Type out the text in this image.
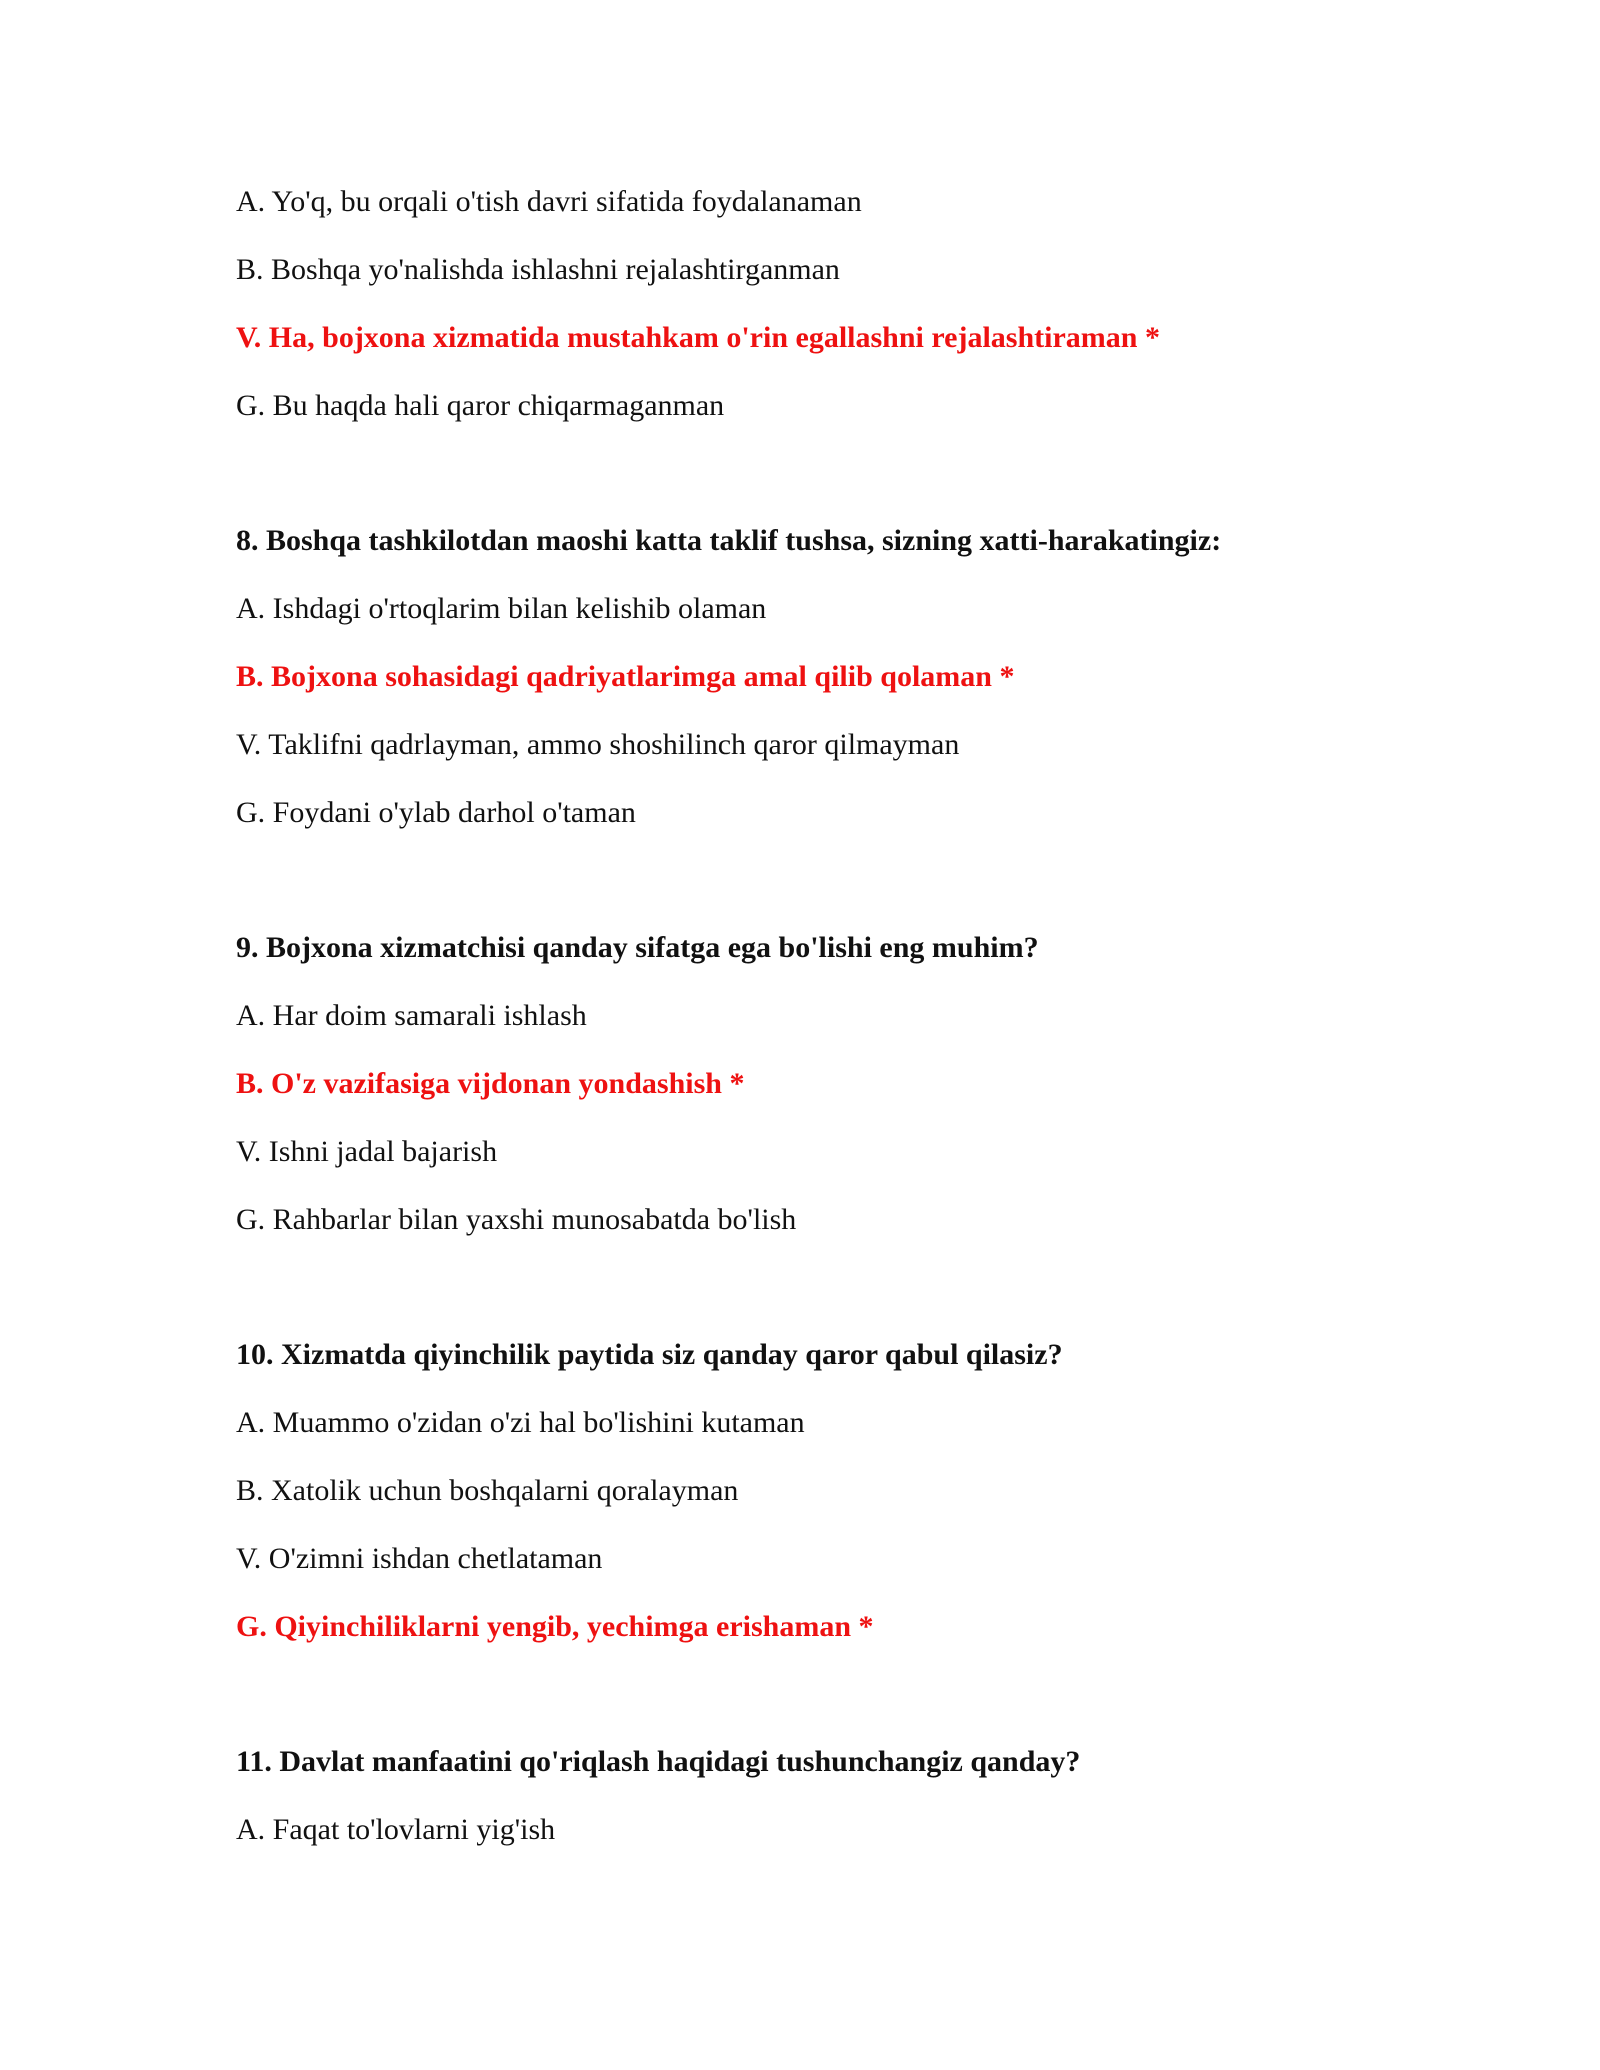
A. Yo'q, bu orqali o'tish davri sifatida foydalanaman
B. Boshqa yo'nalishda ishlashni rejalashtirganman
V. Ha, bojxona xizmatida mustahkam o'rin egallashni rejalashtiraman *
G. Bu haqda hali qaror chiqarmaganman
8. Boshqa tashkilotdan maoshi katta taklif tushsa, sizning xatti-harakatingiz:
A. Ishdagi o'rtoqlarim bilan kelishib olaman
B. Bojxona sohasidagi qadriyatlarimga amal qilib qolaman *
V. Taklifni qadrlayman, ammo shoshilinch qaror qilmayman
G. Foydani o'ylab darhol o'taman
9. Bojxona xizmatchisi qanday sifatga ega bo'lishi eng muhim?
A. Har doim samarali ishlash
B. O'z vazifasiga vijdonan yondashish *
V. Ishni jadal bajarish
G. Rahbarlar bilan yaxshi munosabatda bo'lish
10. Xizmatda qiyinchilik paytida siz qanday qaror qabul qilasiz?
A. Muammo o'zidan o'zi hal bo'lishini kutaman
B. Xatolik uchun boshqalarni qoralayman
V. O'zimni ishdan chetlataman
G. Qiyinchiliklarni yengib, yechimga erishaman *
11. Davlat manfaatini qo'riqlash haqidagi tushunchangiz qanday?
A. Faqat to'lovlarni yig'ish
